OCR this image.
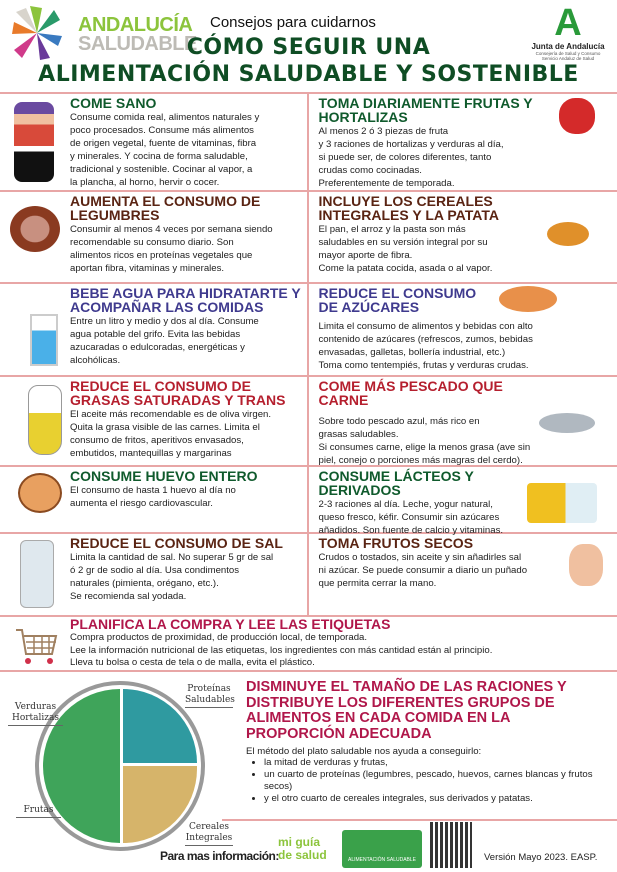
ANDALUCÍA
SALUDABLE
Consejos para cuidarnos
CÓMO SEGUIR UNA
ALIMENTACIÓN SALUDABLE Y SOSTENIBLE
A
Junta de Andalucía
Consejería de Salud y Consumo
Servicio Andaluz de Salud
COME SANO

Consume comida real, alimentos naturales y
poco procesados. Consume más alimentos
de origen vegetal, fuente de vitaminas, fibra
y minerales. Y cocina de forma saludable,
tradicional y sostenible. Cocinar al vapor, a
la plancha, al horno, hervir o cocer.

TOMA DIARIAMENTE FRUTAS Y HORTALIZAS

Al menos 2 ó 3 piezas de fruta
y 3 raciones de hortalizas y verduras al día,
si puede ser, de colores diferentes, tanto
crudas como cocinadas.
Preferentemente de temporada.

AUMENTA EL CONSUMO DE LEGUMBRES

Consumir al menos 4 veces por semana siendo
recomendable su consumo diario. Son
alimentos ricos en proteínas vegetales que
aportan fibra, vitaminas y minerales.

INCLUYE LOS CEREALES INTEGRALES Y LA PATATA

El pan, el arroz y la pasta son más
saludables en su versión integral por su
mayor aporte de fibra.
Come la patata cocida, asada o al vapor.

BEBE AGUA PARA HIDRATARTE Y ACOMPAÑAR LAS COMIDAS

Entre un litro y medio y dos al día. Consume
agua potable del grifo. Evita las bebidas
azucaradas o edulcoradas, energéticas y
alcohólicas.

REDUCE EL CONSUMO DE AZÚCARES

Limita el consumo de alimentos y bebidas con alto
contenido de azúcares (refrescos, zumos, bebidas
envasadas, galletas, bollería industrial, etc.)
Toma como tentempiés, frutas y verduras crudas.

REDUCE EL CONSUMO DE GRASAS SATURADAS Y TRANS

El aceite más recomendable es de oliva virgen.
Quita la grasa visible de las carnes. Limita el
consumo de fritos, aperitivos envasados,
embutidos, mantequillas y margarinas

COME MÁS PESCADO QUE CARNE

Sobre todo pescado azul, más rico en
grasas saludables.
Si consumes carne, elige la menos grasa (ave sin
piel, conejo o porciones más magras del cerdo).

CONSUME HUEVO ENTERO

El consumo de hasta 1 huevo al día no
aumenta el riesgo cardiovascular.

CONSUME LÁCTEOS Y DERIVADOS

2-3 raciones al día. Leche, yogur natural,
queso fresco, kéfir. Consumir sin azúcares
añadidos. Son fuente de calcio y vitaminas.

REDUCE EL CONSUMO DE SAL

Limita la cantidad de sal. No superar 5 gr de sal
ó 2 gr de sodio al día. Usa condimentos
naturales (pimienta, orégano, etc.).
Se recomienda sal yodada.

TOMA FRUTOS SECOS

Crudos o tostados, sin aceite y sin añadirles sal
ni azúcar. Se puede consumir a diario un puñado
que permita cerrar la mano.

PLANIFICA LA COMPRA Y LEE LAS ETIQUETAS

Compra productos de proximidad, de producción local, de temporada.
Lee la información nutricional de las etiquetas, los ingredientes con más cantidad están al principio.
Lleva tu bolsa o cesta de tela o de malla, evita el plástico.

Verduras
Hortalizas
Proteínas
Saludables
Frutas
Cereales
Integrales
DISMINUYE EL TAMAÑO DE LAS RACIONES Y DISTRIBUYE LOS DIFERENTES GRUPOS DE ALIMENTOS EN CADA COMIDA EN LA PROPORCIÓN ADECUADA

El método del plato saludable nos ayuda a conseguirlo:

• la mitad de verduras y frutas,
• un cuarto de proteínas (legumbres, pescado, huevos, carnes blancas y frutos secos)
• y el otro cuarto de cereales integrales, sus derivados y patatas.
Para mas información:
mi guía de salud	ALIMENTACIÓN SALUDABLE	Versión Mayo 2023. EASP.
